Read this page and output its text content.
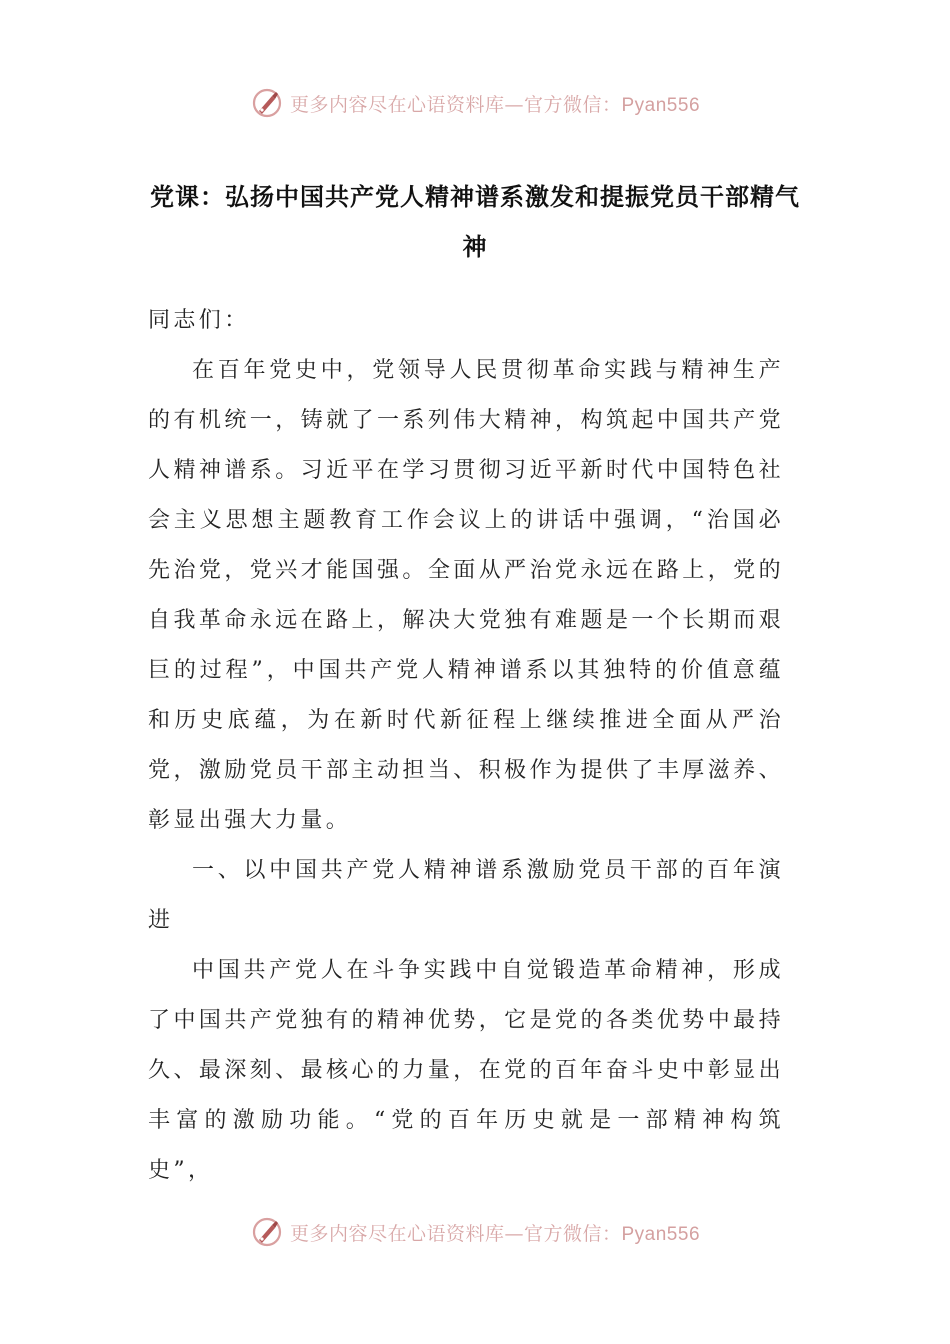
更多内容尽在心语资料库—官方微信：Pyan556
党课：弘扬中国共产党人精神谱系激发和提振党员干部精气神

同志们：

在百年党史中，党领导人民贯彻革命实践与精神生产的有机统一，铸就了一系列伟大精神，构筑起中国共产党人精神谱系。习近平在学习贯彻习近平新时代中国特色社会主义思想主题教育工作会议上的讲话中强调，“治国必先治党，党兴才能国强。全面从严治党永远在路上，党的自我革命永远在路上，解决大党独有难题是一个长期而艰巨的过程”，中国共产党人精神谱系以其独特的价值意蕴和历史底蕴，为在新时代新征程上继续推进全面从严治党，激励党员干部主动担当、积极作为提供了丰厚滋养、彰显出强大力量。

一、以中国共产党人精神谱系激励党员干部的百年演进

中国共产党人在斗争实践中自觉锻造革命精神，形成了中国共产党独有的精神优势，它是党的各类优势中最持久、最深刻、最核心的力量，在党的百年奋斗史中彰显出丰富的激励功能。“党的百年历史就是一部精神构筑史”，

更多内容尽在心语资料库—官方微信：Pyan556
